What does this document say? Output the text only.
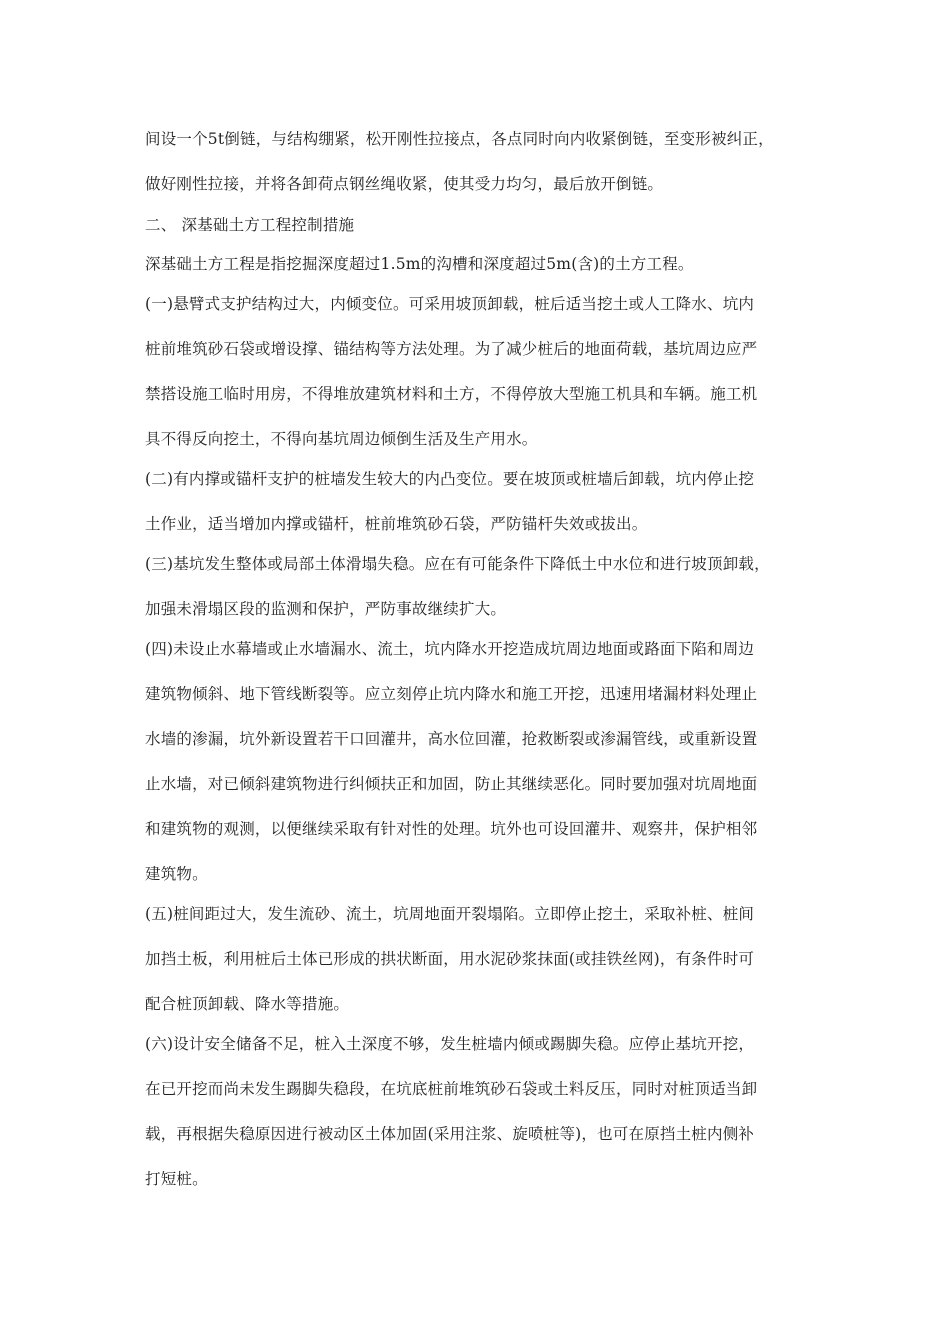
间设一个5t倒链，与结构绷紧，松开刚性拉接点，各点同时向内收紧倒链，至变形被纠正，
做好刚性拉接，并将各卸荷点钢丝绳收紧，使其受力均匀，最后放开倒链。
二、 深基础土方工程控制措施
深基础土方工程是指挖掘深度超过1.5m的沟槽和深度超过5m(含)的土方工程。
(一)悬臂式支护结构过大，内倾变位。可采用坡顶卸载，桩后适当挖土或人工降水、坑内
桩前堆筑砂石袋或增设撑、锚结构等方法处理。为了减少桩后的地面荷载，基坑周边应严
禁搭设施工临时用房，不得堆放建筑材料和土方，不得停放大型施工机具和车辆。施工机
具不得反向挖土，不得向基坑周边倾倒生活及生产用水。
(二)有内撑或锚杆支护的桩墙发生较大的内凸变位。要在坡顶或桩墙后卸载，坑内停止挖
土作业，适当增加内撑或锚杆，桩前堆筑砂石袋，严防锚杆失效或拔出。
(三)基坑发生整体或局部土体滑塌失稳。应在有可能条件下降低土中水位和进行坡顶卸载，
加强未滑塌区段的监测和保护，严防事故继续扩大。
(四)未设止水幕墙或止水墙漏水、流土，坑内降水开挖造成坑周边地面或路面下陷和周边
建筑物倾斜、地下管线断裂等。应立刻停止坑内降水和施工开挖，迅速用堵漏材料处理止
水墙的渗漏，坑外新设置若干口回灌井，高水位回灌，抢救断裂或渗漏管线，或重新设置
止水墙，对已倾斜建筑物进行纠倾扶正和加固，防止其继续恶化。同时要加强对坑周地面
和建筑物的观测，以便继续采取有针对性的处理。坑外也可设回灌井、观察井，保护相邻
建筑物。
(五)桩间距过大，发生流砂、流土，坑周地面开裂塌陷。立即停止挖土，采取补桩、桩间
加挡土板，利用桩后土体已形成的拱状断面，用水泥砂浆抹面(或挂铁丝网)，有条件时可
配合桩顶卸载、降水等措施。
(六)设计安全储备不足，桩入土深度不够，发生桩墙内倾或踢脚失稳。应停止基坑开挖，
在已开挖而尚未发生踢脚失稳段，在坑底桩前堆筑砂石袋或土料反压，同时对桩顶适当卸
载，再根据失稳原因进行被动区土体加固(采用注浆、旋喷桩等)，也可在原挡土桩内侧补
打短桩。
